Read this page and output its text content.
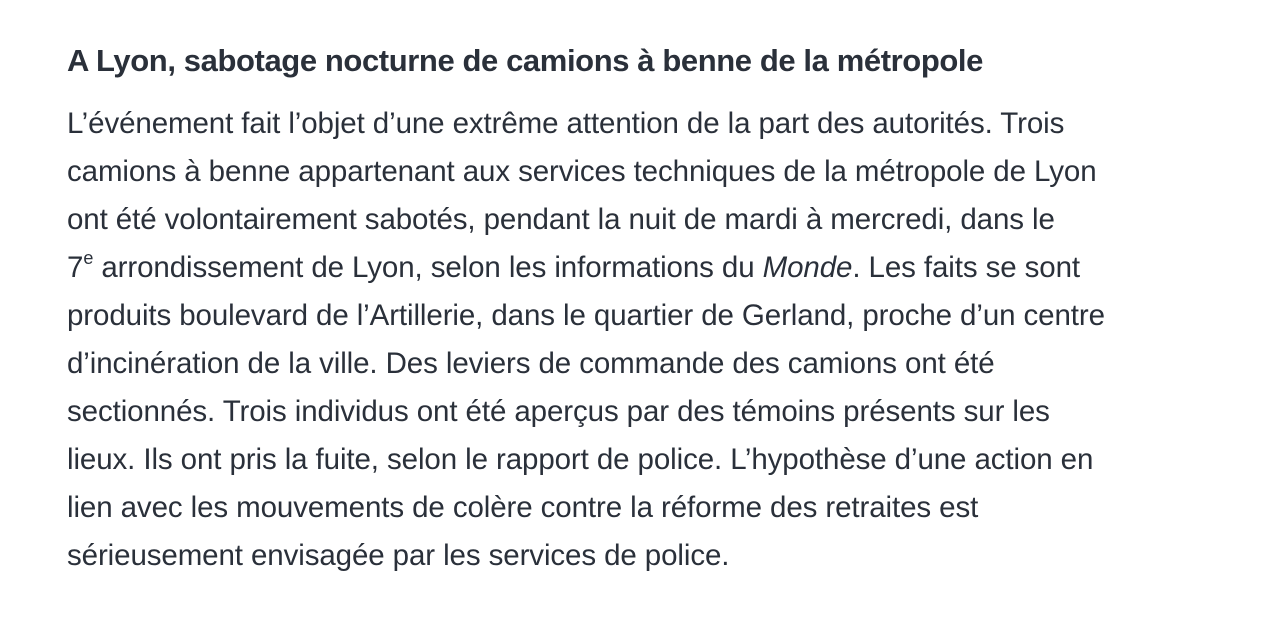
A Lyon, sabotage nocturne de camions à benne de la métropole

L’événement fait l’objet d’une extrême attention de la part des autorités. Trois
camions à benne appartenant aux services techniques de la métropole de Lyon
ont été volontairement sabotés, pendant la nuit de mardi à mercredi, dans le
7e arrondissement de Lyon, selon les informations du Monde. Les faits se sont
produits boulevard de l’Artillerie, dans le quartier de Gerland, proche d’un centre
d’incinération de la ville. Des leviers de commande des camions ont été
sectionnés. Trois individus ont été aperçus par des témoins présents sur les
lieux. Ils ont pris la fuite, selon le rapport de police. L’hypothèse d’une action en
lien avec les mouvements de colère contre la réforme des retraites est
sérieusement envisagée par les services de police.
